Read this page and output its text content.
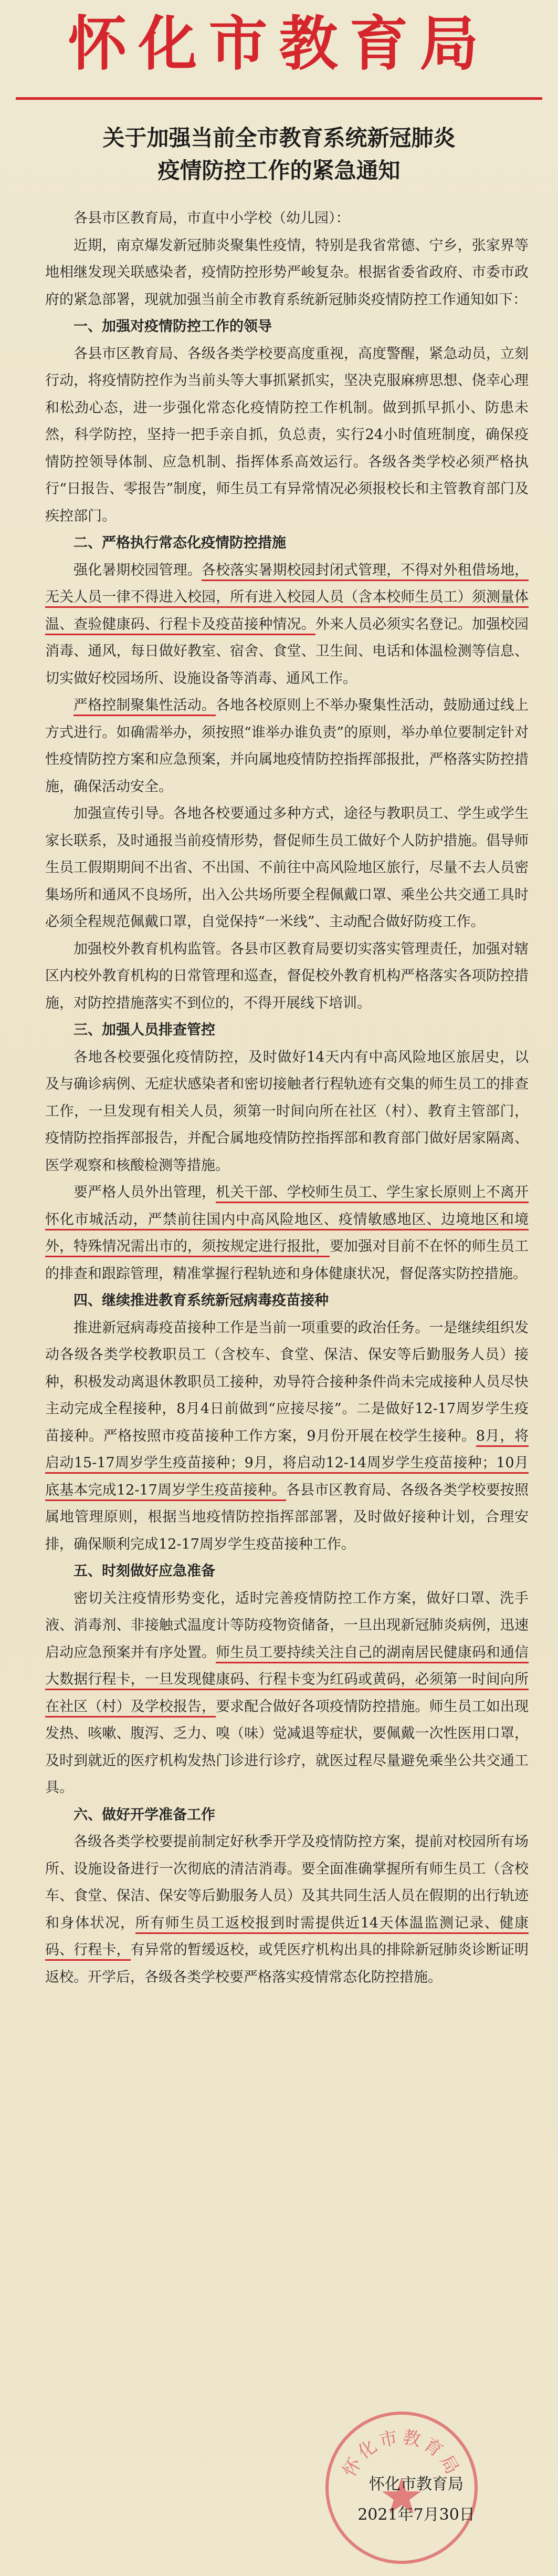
怀化市教育局
关于加强当前全市教育系统新冠肺炎
疫情防控工作的紧急通知

各县市区教育局，市直中小学校（幼儿园）：

近期，南京爆发新冠肺炎聚集性疫情，特别是我省常德、宁乡，张家界等地相继发现关联感染者，疫情防控形势严峻复杂。根据省委省政府、市委市政府的紧急部署，现就加强当前全市教育系统新冠肺炎疫情防控工作通知如下：

一、加强对疫情防控工作的领导

各县市区教育局、各级各类学校要高度重视，高度警醒，紧急动员，立刻行动，将疫情防控作为当前头等大事抓紧抓实，坚决克服麻痹思想、侥幸心理和松劲心态，进一步强化常态化疫情防控工作机制。做到抓早抓小、防患未然，科学防控，坚持一把手亲自抓，负总责，实行24小时值班制度，确保疫情防控领导体制、应急机制、指挥体系高效运行。各级各类学校必须严格执行“日报告、零报告”制度，师生员工有异常情况必须报校长和主管教育部门及疾控部门。

二、严格执行常态化疫情防控措施

强化暑期校园管理。各校落实暑期校园封闭式管理，不得对外租借场地，无关人员一律不得进入校园，所有进入校园人员（含本校师生员工）须测量体温、查验健康码、行程卡及疫苗接种情况。外来人员必须实名登记。加强校园消毒、通风，每日做好教室、宿舍、食堂、卫生间、电话和体温检测等信息、切实做好校园场所、设施设备等消毒、通风工作。

严格控制聚集性活动。各地各校原则上不举办聚集性活动，鼓励通过线上方式进行。如确需举办，须按照“谁举办谁负责”的原则，举办单位要制定针对性疫情防控方案和应急预案，并向属地疫情防控指挥部报批，严格落实防控措施，确保活动安全。

加强宣传引导。各地各校要通过多种方式，途径与教职员工、学生或学生家长联系，及时通报当前疫情形势，督促师生员工做好个人防护措施。倡导师生员工假期期间不出省、不出国、不前往中高风险地区旅行，尽量不去人员密集场所和通风不良场所，出入公共场所要全程佩戴口罩、乘坐公共交通工具时必须全程规范佩戴口罩，自觉保持“一米线”、主动配合做好防疫工作。

加强校外教育机构监管。各县市区教育局要切实落实管理责任，加强对辖区内校外教育机构的日常管理和巡查，督促校外教育机构严格落实各项防控措施，对防控措施落实不到位的，不得开展线下培训。

三、加强人员排查管控

各地各校要强化疫情防控，及时做好14天内有中高风险地区旅居史，以及与确诊病例、无症状感染者和密切接触者行程轨迹有交集的师生员工的排查工作，一旦发现有相关人员，须第一时间向所在社区（村）、教育主管部门，疫情防控指挥部报告，并配合属地疫情防控指挥部和教育部门做好居家隔离、医学观察和核酸检测等措施。

要严格人员外出管理，机关干部、学校师生员工、学生家长原则上不离开怀化市城活动，严禁前往国内中高风险地区、疫情敏感地区、边境地区和境外，特殊情况需出市的，须按规定进行报批，要加强对目前不在怀的师生员工的排查和跟踪管理，精准掌握行程轨迹和身体健康状况，督促落实防控措施。

四、继续推进教育系统新冠病毒疫苗接种

推进新冠病毒疫苗接种工作是当前一项重要的政治任务。一是继续组织发动各级各类学校教职员工（含校车、食堂、保洁、保安等后勤服务人员）接种，积极发动离退休教职员工接种，劝导符合接种条件尚未完成接种人员尽快主动完成全程接种，8月4日前做到“应接尽接”。二是做好12-17周岁学生疫苗接种。严格按照市疫苗接种工作方案，9月份开展在校学生接种。8月，将启动15-17周岁学生疫苗接种；9月，将启动12-14周岁学生疫苗接种；10月底基本完成12-17周岁学生疫苗接种。各县市区教育局、各级各类学校要按照属地管理原则，根据当地疫情防控指挥部部署，及时做好接种计划，合理安排，确保顺利完成12-17周岁学生疫苗接种工作。

五、时刻做好应急准备

密切关注疫情形势变化，适时完善疫情防控工作方案，做好口罩、洗手液、消毒剂、非接触式温度计等防疫物资储备，一旦出现新冠肺炎病例，迅速启动应急预案并有序处置。师生员工要持续关注自己的湖南居民健康码和通信大数据行程卡，一旦发现健康码、行程卡变为红码或黄码，必须第一时间向所在社区（村）及学校报告，要求配合做好各项疫情防控措施。师生员工如出现发热、咳嗽、腹泻、乏力、嗅（味）觉减退等症状，要佩戴一次性医用口罩，及时到就近的医疗机构发热门诊进行诊疗，就医过程尽量避免乘坐公共交通工具。

六、做好开学准备工作

各级各类学校要提前制定好秋季开学及疫情防控方案，提前对校园所有场所、设施设备进行一次彻底的清洁消毒。要全面准确掌握所有师生员工（含校车、食堂、保洁、保安等后勤服务人员）及其共同生活人员在假期的出行轨迹和身体状况，所有师生员工返校报到时需提供近14天体温监测记录、健康码、行程卡，有异常的暂缓返校，或凭医疗机构出具的排除新冠肺炎诊断证明返校。开学后，各级各类学校要严格落实疫情常态化防控措施。

怀化市教育局
怀化市教育局
2021年7月30日
